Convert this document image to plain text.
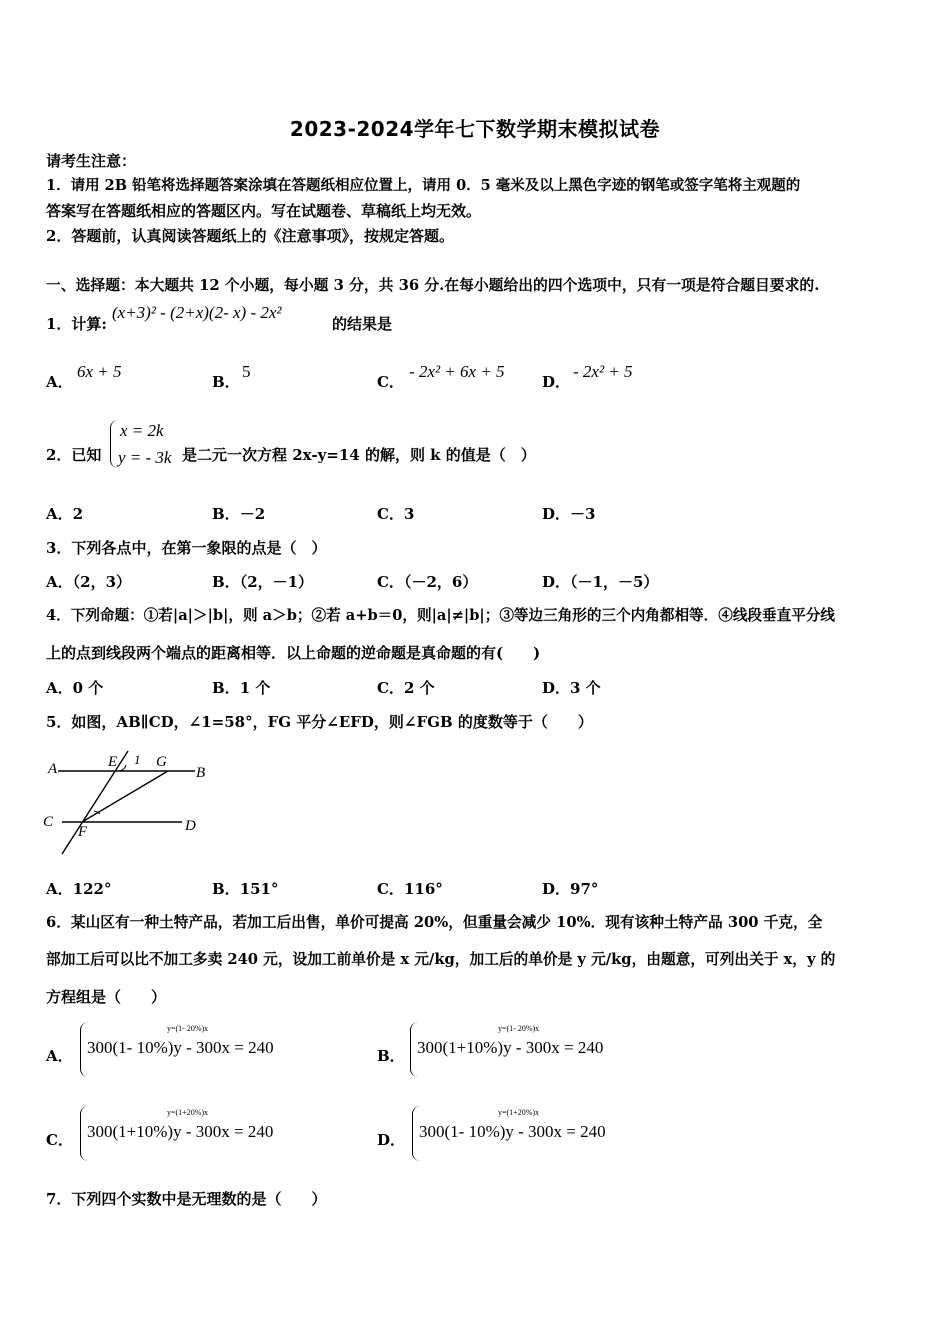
2023-2024学年七下数学期末模拟试卷
请考生注意：
1．请用 2B 铅笔将选择题答案涂填在答题纸相应位置上，请用 0．5 毫米及以上黑色字迹的钢笔或签字笔将主观题的
答案写在答题纸相应的答题区内。写在试题卷、草稿纸上均无效。
2．答题前，认真阅读答题纸上的《注意事项》，按规定答题。
一、选择题：本大题共 12 个小题，每小题 3 分，共 36 分.在每小题给出的四个选项中，只有一项是符合题目要求的.
1．计算:
(x+3)² - (2+x)(2- x) - 2x²
的结果是
A．
6x + 5
B．
5
C．
- 2x² + 6x + 5
D．
- 2x² + 5
2．已知
x = 2k
y = - 3k 是二元一次方程 2x-y=14 的解，则 k 的值是（　）
A．2	B．－2	C．3	D．－3
3．下列各点中，在第一象限的点是（　）
A．（2，3）	B．（2，－1）	C．（－2，6）	D．（－1，－5）
4．下列命题：①若|a|＞|b|，则 a＞b；②若 a+b＝0，则|a|≠|b|；③等边三角形的三个内角都相等．④线段垂直平分线
上的点到线段两个端点的距离相等．以上命题的逆命题是真命题的有(　　)
A．0 个	B．1 个	C．2 个	D．3 个
5．如图，AB∥CD，∠1=58°，FG 平分∠EFD，则∠FGB 的度数等于（　　）
A	B
C	D
E
F
G
1
A．122°	B．151°	C．116°	D．97°
6．某山区有一种土特产品，若加工后出售，单价可提高 20%，但重量会减少 10%．现有该种土特产品 300 千克，全
部加工后可以比不加工多卖 240 元，设加工前单价是 x 元/kg，加工后的单价是 y 元/kg，由题意，可列出关于 x，y 的
方程组是（　　）
A．
y=(1- 20%)x
300(1- 10%)y - 300x = 240	B．
y=(1- 20%)x
300(1+10%)y - 300x = 240
C．
y=(1+20%)x
300(1+10%)y - 300x = 240	D．
y=(1+20%)x
300(1- 10%)y - 300x = 240
7．下列四个实数中是无理数的是（　　）
